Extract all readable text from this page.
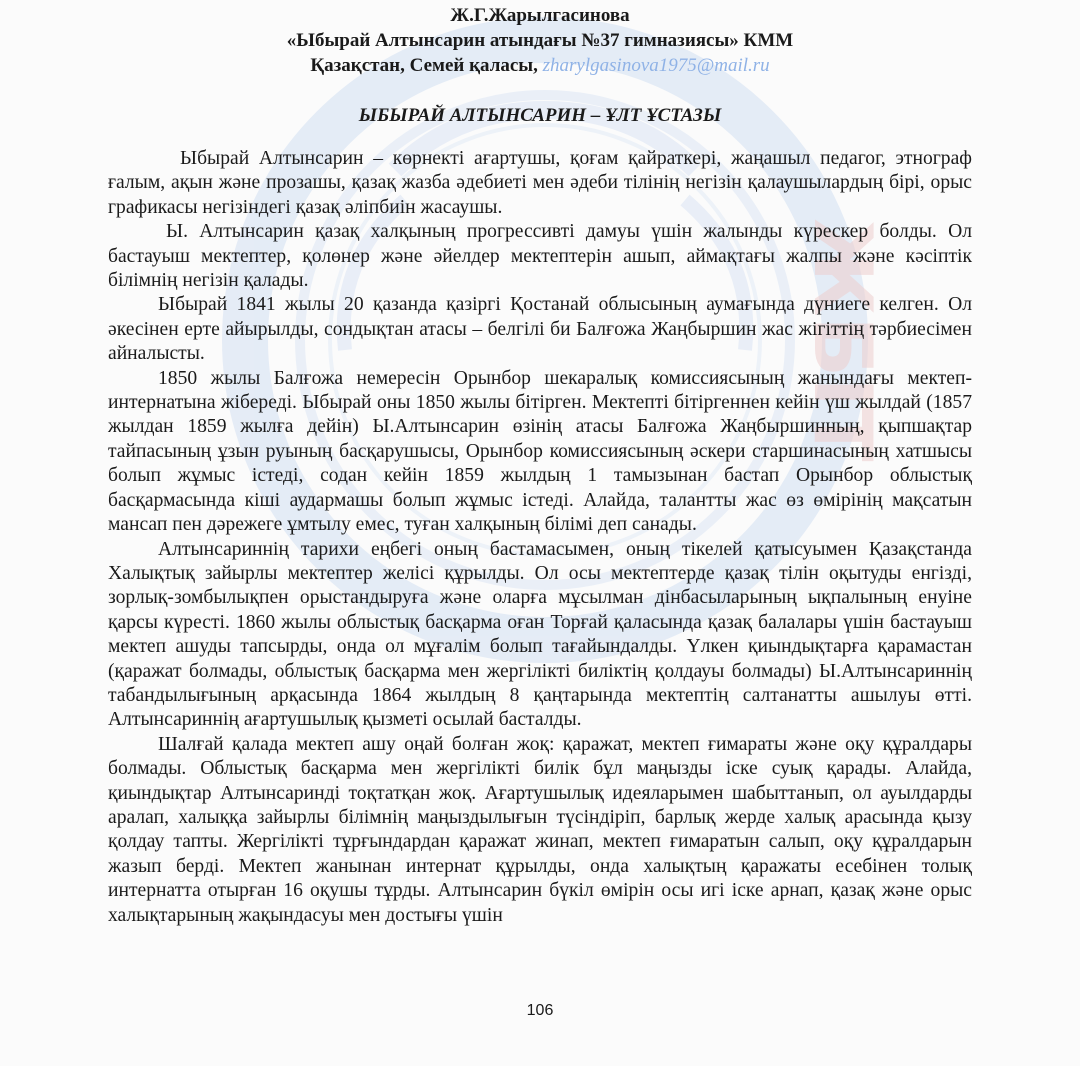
ЖБІТ
Ж.Г.Жарылгасинова
«Ыбырай Алтынсарин атындағы №37 гимназиясы» КММ
Қазақстан, Семей қаласы, zharylgasinova1975@mail.ru
ЫБЫРАЙ АЛТЫНСАРИН – ҰЛТ ҰСТАЗЫ

Ыбырай Алтынсарин – көрнекті ағартушы, қоғам қайраткері, жаңашыл педагог, этнограф ғалым, ақын және прозашы, қазақ жазба әдебиеті мен әдеби тілінің негізін қалаушылардың бірі, орыс графикасы негізіндегі қазақ әліпбиін жасаушы.

Ы. Алтынсарин қазақ халқының прогрессивті дамуы үшін жалынды күрескер болды. Ол бастауыш мектептер, қолөнер және әйелдер мектептерін ашып, аймақтағы жалпы және кәсіптік білімнің негізін қалады.

Ыбырай 1841 жылы 20 қазанда қазіргі Қостанай облысының аумағында дүниеге келген. Ол әкесінен ерте айырылды, сондықтан атасы – белгілі би Балғожа Жаңбыршин жас жігіттің тәрбиесімен айналысты.

1850 жылы Балғожа немересін Орынбор шекаралық комиссиясының жанындағы мектеп-интернатына жібереді. Ыбырай оны 1850 жылы бітірген. Мектепті бітіргеннен кейін үш жылдай (1857 жылдан 1859 жылға дейін) Ы.Алтынсарин өзінің атасы Балғожа Жаңбыршинның, қыпшақтар тайпасының ұзын руының басқарушысы, Орынбор комиссиясының әскери старшинасының хатшысы болып жұмыс істеді, содан кейін 1859 жылдың 1 тамызынан бастап Орынбор облыстық басқармасында кіші аудармашы болып жұмыс істеді. Алайда, талантты жас өз өмірінің мақсатын мансап пен дәрежеге ұмтылу емес, туған халқының білімі деп санады.

Алтынсариннің тарихи еңбегі оның бастамасымен, оның тікелей қатысуымен Қазақстанда Халықтық зайырлы мектептер желісі құрылды. Ол осы мектептерде қазақ тілін оқытуды енгізді, зорлық-зомбылықпен орыстандыруға және оларға мұсылман дінбасыларының ықпалының енуіне қарсы күресті. 1860 жылы облыстық басқарма оған Торғай қаласында қазақ балалары үшін бастауыш мектеп ашуды тапсырды, онда ол мұғалім болып тағайындалды. Үлкен қиындықтарға қарамастан (қаражат болмады, облыстық басқарма мен жергілікті биліктің қолдауы болмады) Ы.Алтынсариннің табандылығының арқасында 1864 жылдың 8 қаңтарында мектептің салтанатты ашылуы өтті. Алтынсариннің ағартушылық қызметі осылай басталды.

Шалғай қалада мектеп ашу оңай болған жоқ: қаражат, мектеп ғимараты және оқу құралдары болмады. Облыстық басқарма мен жергілікті билік бұл маңызды іске суық қарады. Алайда, қиындықтар Алтынсаринді тоқтатқан жоқ. Ағартушылық идеяларымен шабыттанып, ол ауылдарды аралап, халыққа зайырлы білімнің маңыздылығын түсіндіріп, барлық жерде халық арасында қызу қолдау тапты. Жергілікті тұрғындардан қаражат жинап, мектеп ғимаратын салып, оқу құралдарын жазып берді. Мектеп жанынан интернат құрылды, онда халықтың қаражаты есебінен толық интернатта отырған 16 оқушы тұрды. Алтынсарин бүкіл өмірін осы игі іске арнап, қазақ және орыс халықтарының жақындасуы мен достығы үшін

106
